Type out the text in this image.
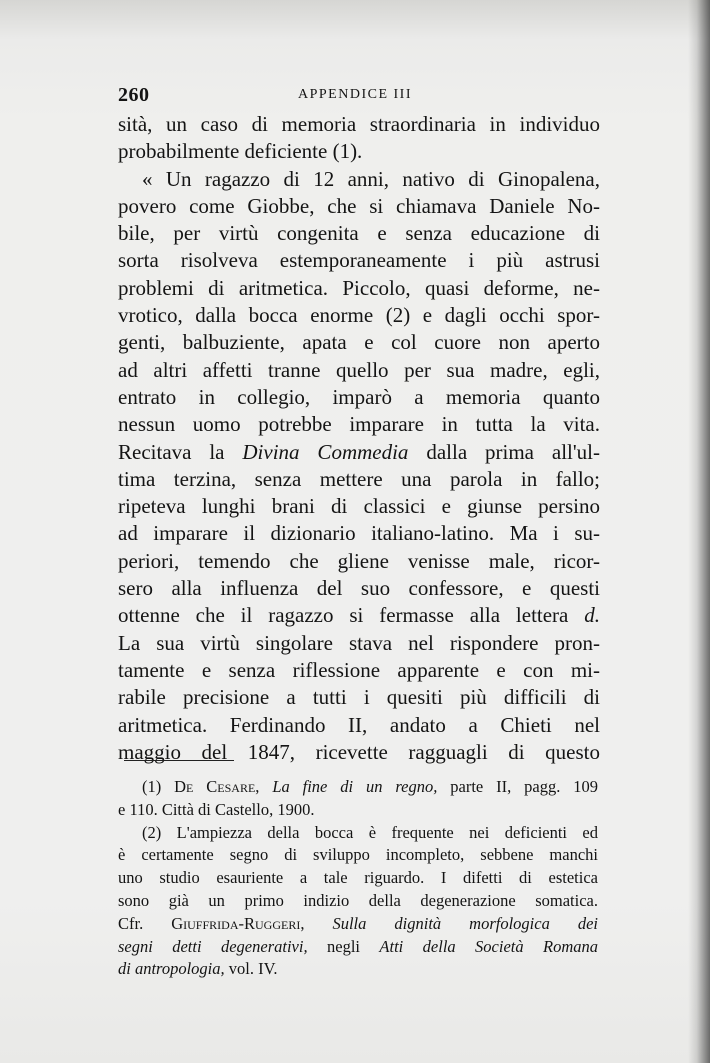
260	APPENDICE III
sità, un caso di memoria straordinaria in individuo
probabilmente deficiente (1).
« Un ragazzo di 12 anni, nativo di Ginopalena,
povero come Giobbe, che si chiamava Daniele No-
bile, per virtù congenita e senza educazione di
sorta risolveva estemporaneamente i più astrusi
problemi di aritmetica. Piccolo, quasi deforme, ne-
vrotico, dalla bocca enorme (2) e dagli occhi spor-
genti, balbuziente, apata e col cuore non aperto
ad altri affetti tranne quello per sua madre, egli,
entrato in collegio, imparò a memoria quanto
nessun uomo potrebbe imparare in tutta la vita.
Recitava la Divina Commedia dalla prima all'ul-
tima terzina, senza mettere una parola in fallo;
ripeteva lunghi brani di classici e giunse persino
ad imparare il dizionario italiano-latino. Ma i su-
periori, temendo che gliene venisse male, ricor-
sero alla influenza del suo confessore, e questi
ottenne che il ragazzo si fermasse alla lettera d.
La sua virtù singolare stava nel rispondere pron-
tamente e senza riflessione apparente e con mi-
rabile precisione a tutti i quesiti più difficili di
aritmetica. Ferdinando II, andato a Chieti nel
maggio del 1847, ricevette ragguagli di questo
(1) De Cesare, La fine di un regno, parte II, pagg. 109
e 110. Città di Castello, 1900.
(2) L'ampiezza della bocca è frequente nei deficienti ed
è certamente segno di sviluppo incompleto, sebbene manchi
uno studio esauriente a tale riguardo. I difetti di estetica
sono già un primo indizio della degenerazione somatica.
Cfr. Giuffrida-Ruggeri, Sulla dignità morfologica dei
segni detti degenerativi, negli Atti della Società Romana
di antropologia, vol. IV.
